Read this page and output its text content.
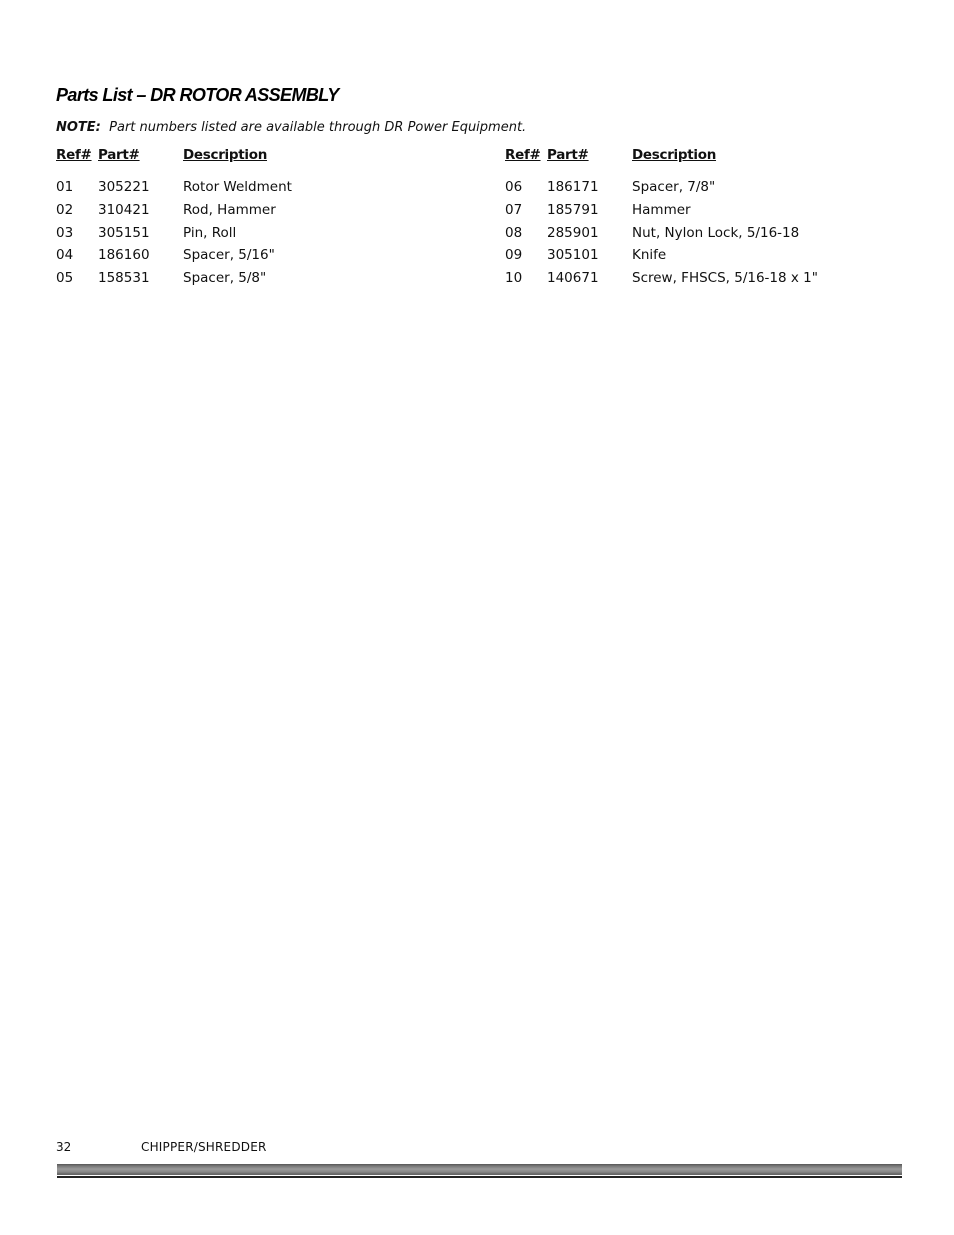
Parts List – DR ROTOR ASSEMBLY
NOTE: Part numbers listed are available through DR Power Equipment.
Ref# Part#	Description
01 305221 Rotor Weldment
02 310421 Rod, Hammer
03 305151 Pin, Roll
04 186160 Spacer, 5/16"
05 158531 Spacer, 5/8"
Ref# Part#	Description
06 186171 Spacer, 7/8"
07 185791 Hammer
08 285901 Nut, Nylon Lock, 5/16-18
09 305101 Knife
10 140671 Screw, FHSCS, 5/16-18 x 1"
32	CHIPPER/SHREDDER
